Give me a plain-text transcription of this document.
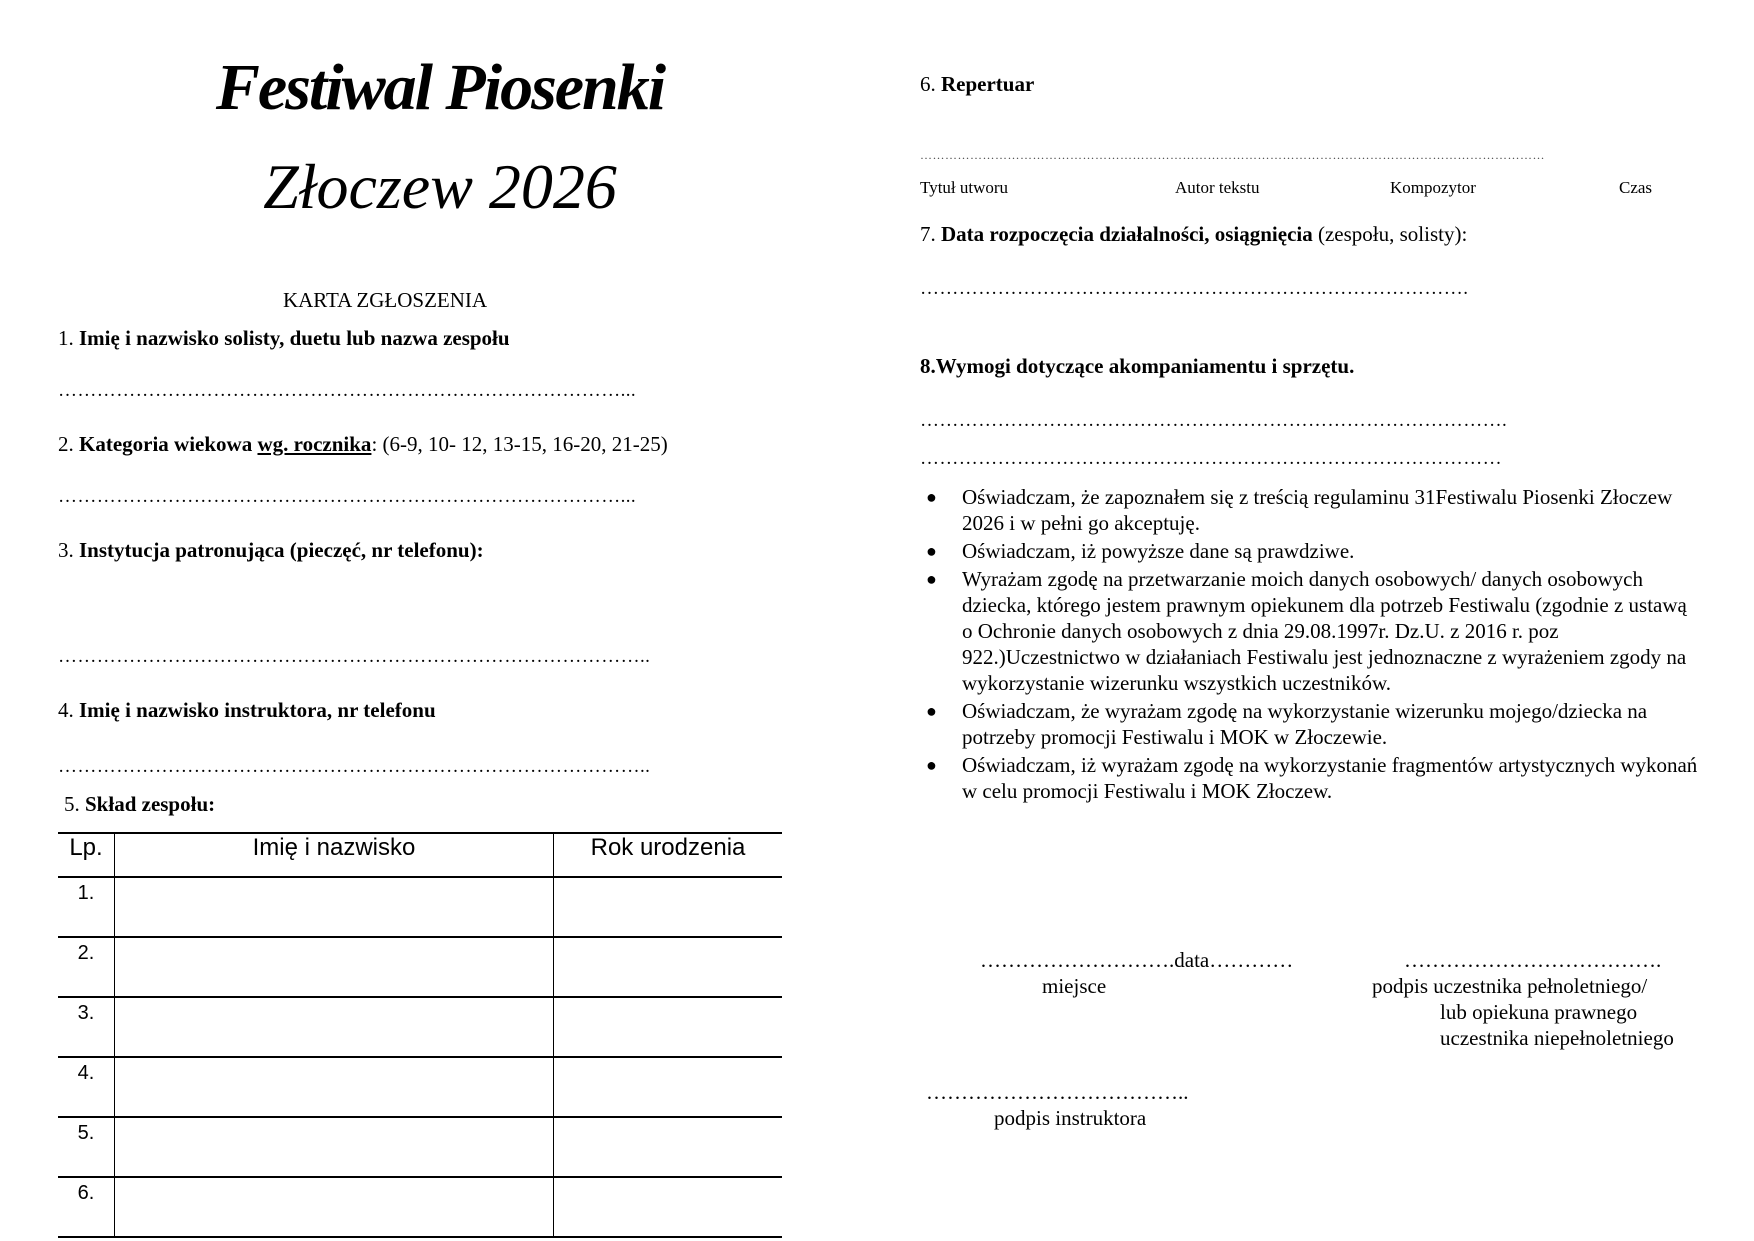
Festiwal Piosenki
Złoczew 2026
KARTA ZGŁOSZENIA
1. Imię i nazwisko solisty, duetu lub nazwa zespołu
……………………………………………………………………………...
2. Kategoria wiekowa wg. rocznika: (6-9, 10- 12, 13-15, 16-20, 21-25)
……………………………………………………………………………...
3. Instytucja patronująca (pieczęć, nr telefonu):
………………………………………………………………………………..
4. Imię i nazwisko instruktora, nr telefonu
………………………………………………………………………………..
5. Skład zespołu:
Lp.	Imię i nazwisko	Rok urodzenia
1.		
2.		
3.		
4.		
5.		
6.		
6. Repertuar
……………………………………………………………………………………………………………………………………
Tytuł utworu	Autor tekstu	Kompozytor	Czas
7. Data rozpoczęcia działalności, osiągnięcia (zespołu, solisty):
………………………………………………………………………….
8.Wymogi dotyczące akompaniamentu i sprzętu.
……………………………………………………………………………….
………………………………………………………………………………
● Oświadczam, że zapoznałem się z treścią regulaminu 31Festiwalu Piosenki Złoczew 2026 i w pełni go akceptuję.
● Oświadczam, iż powyższe dane są prawdziwe.
● Wyrażam zgodę na przetwarzanie moich danych osobowych/ danych osobowych dziecka, którego jestem prawnym opiekunem dla potrzeb Festiwalu (zgodnie z ustawą o Ochronie danych osobowych z dnia 29.08.1997r. Dz.U. z 2016 r. poz 922.)Uczestnictwo w działaniach Festiwalu jest jednoznaczne z wyrażeniem zgody na wykorzystanie wizerunku wszystkich uczestników.
● Oświadczam, że wyrażam zgodę na wykorzystanie wizerunku mojego/dziecka na potrzeby promocji Festiwalu i MOK w Złoczewie.
● Oświadczam, iż wyrażam zgodę na wykorzystanie fragmentów artystycznych wykonań w celu promocji Festiwalu i MOK Złoczew.
……………………….data…………
miejsce
……………………………….
podpis uczestnika pełnoletniego/
lub opiekuna prawnego
uczestnika niepełnoletniego
………………………………..
podpis instruktora
